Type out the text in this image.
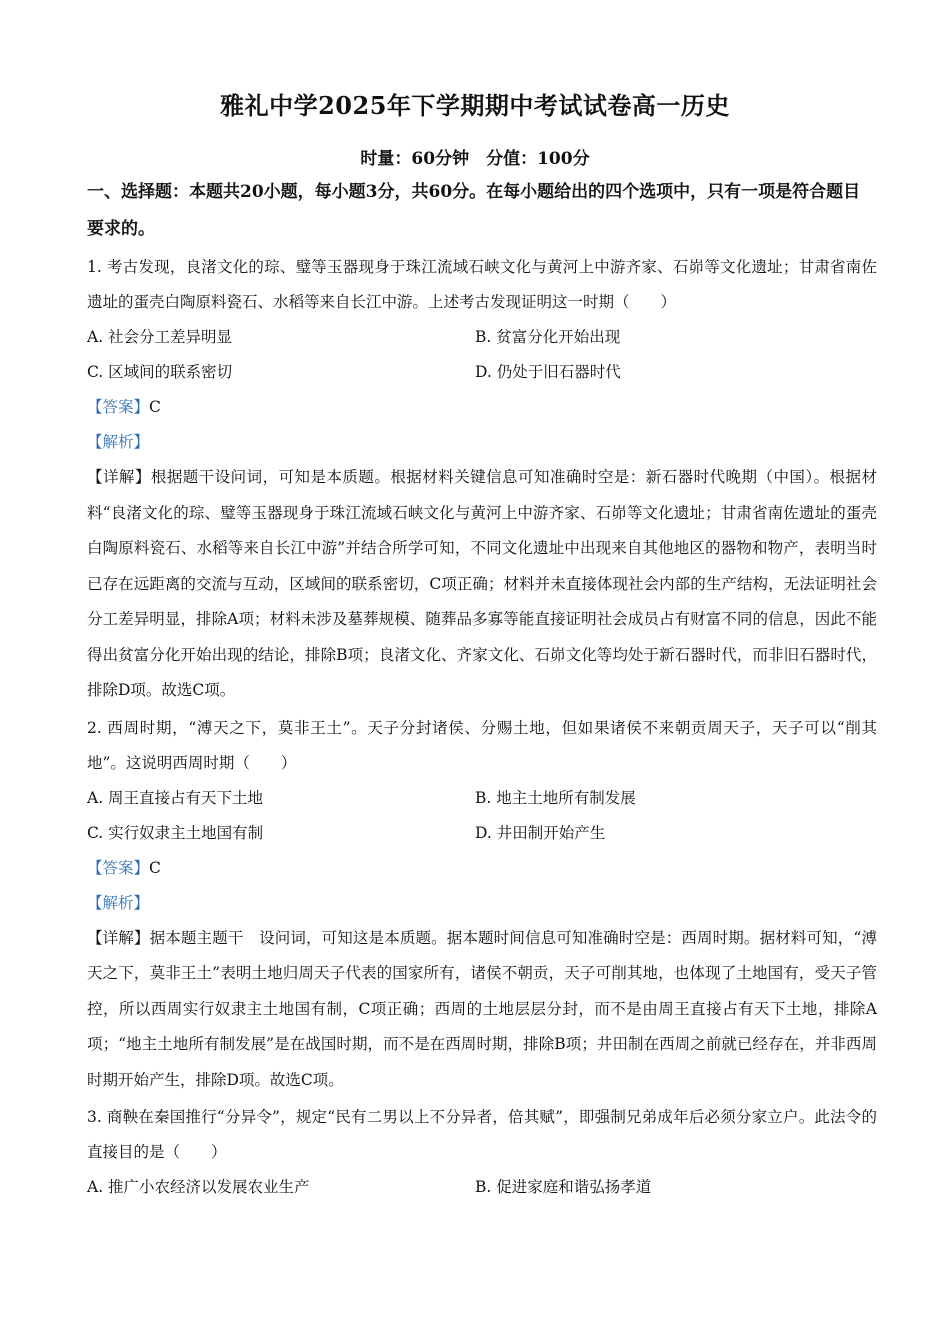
雅礼中学2025年下学期期中考试试卷高一历史
时量：60分钟　分值：100分
一、选择题：本题共20小题，每小题3分，共60分。在每小题给出的四个选项中，只有一项是符合题目要求的。

1. 考古发现，良渚文化的琮、璧等玉器现身于珠江流域石峡文化与黄河上中游齐家、石峁等文化遗址；甘肃省南佐遗址的蛋壳白陶原料瓷石、水稻等来自长江中游。上述考古发现证明这一时期（　　）

A. 社会分工差异明显	B. 贫富分化开始出现
C. 区域间的联系密切	D. 仍处于旧石器时代

【答案】C

【解析】

【详解】根据题干设问词，可知是本质题。根据材料关键信息可知准确时空是：新石器时代晚期（中国）。根据材料“良渚文化的琮、璧等玉器现身于珠江流域石峡文化与黄河上中游齐家、石峁等文化遗址；甘肃省南佐遗址的蛋壳白陶原料瓷石、水稻等来自长江中游”并结合所学可知，不同文化遗址中出现来自其他地区的器物和物产，表明当时已存在远距离的交流与互动，区域间的联系密切，C项正确；材料并未直接体现社会内部的生产结构，无法证明社会分工差异明显，排除A项；材料未涉及墓葬规模、随葬品多寡等能直接证明社会成员占有财富不同的信息，因此不能得出贫富分化开始出现的结论，排除B项；良渚文化、齐家文化、石峁文化等均处于新石器时代，而非旧石器时代，排除D项。故选C项。

2. 西周时期，“溥天之下，莫非王土”。天子分封诸侯、分赐土地，但如果诸侯不来朝贡周天子，天子可以“削其地”。这说明西周时期（　　）

A. 周王直接占有天下土地	B. 地主土地所有制发展
C. 实行奴隶主土地国有制	D. 井田制开始产生

【答案】C

【解析】

【详解】据本题主题干　设问词，可知这是本质题。据本题时间信息可知准确时空是：西周时期。据材料可知，“溥天之下，莫非王土”表明土地归周天子代表的国家所有，诸侯不朝贡，天子可削其地，也体现了土地国有，受天子管控，所以西周实行奴隶主土地国有制，C项正确；西周的土地层层分封，而不是由周王直接占有天下土地，排除A项；“地主土地所有制发展”是在战国时期，而不是在西周时期，排除B项；井田制在西周之前就已经存在，并非西周时期开始产生，排除D项。故选C项。

3. 商鞅在秦国推行“分异令”，规定“民有二男以上不分异者，倍其赋”，即强制兄弟成年后必须分家立户。此法令的直接目的是（　　）

A. 推广小农经济以发展农业生产	B. 促进家庭和谐弘扬孝道
